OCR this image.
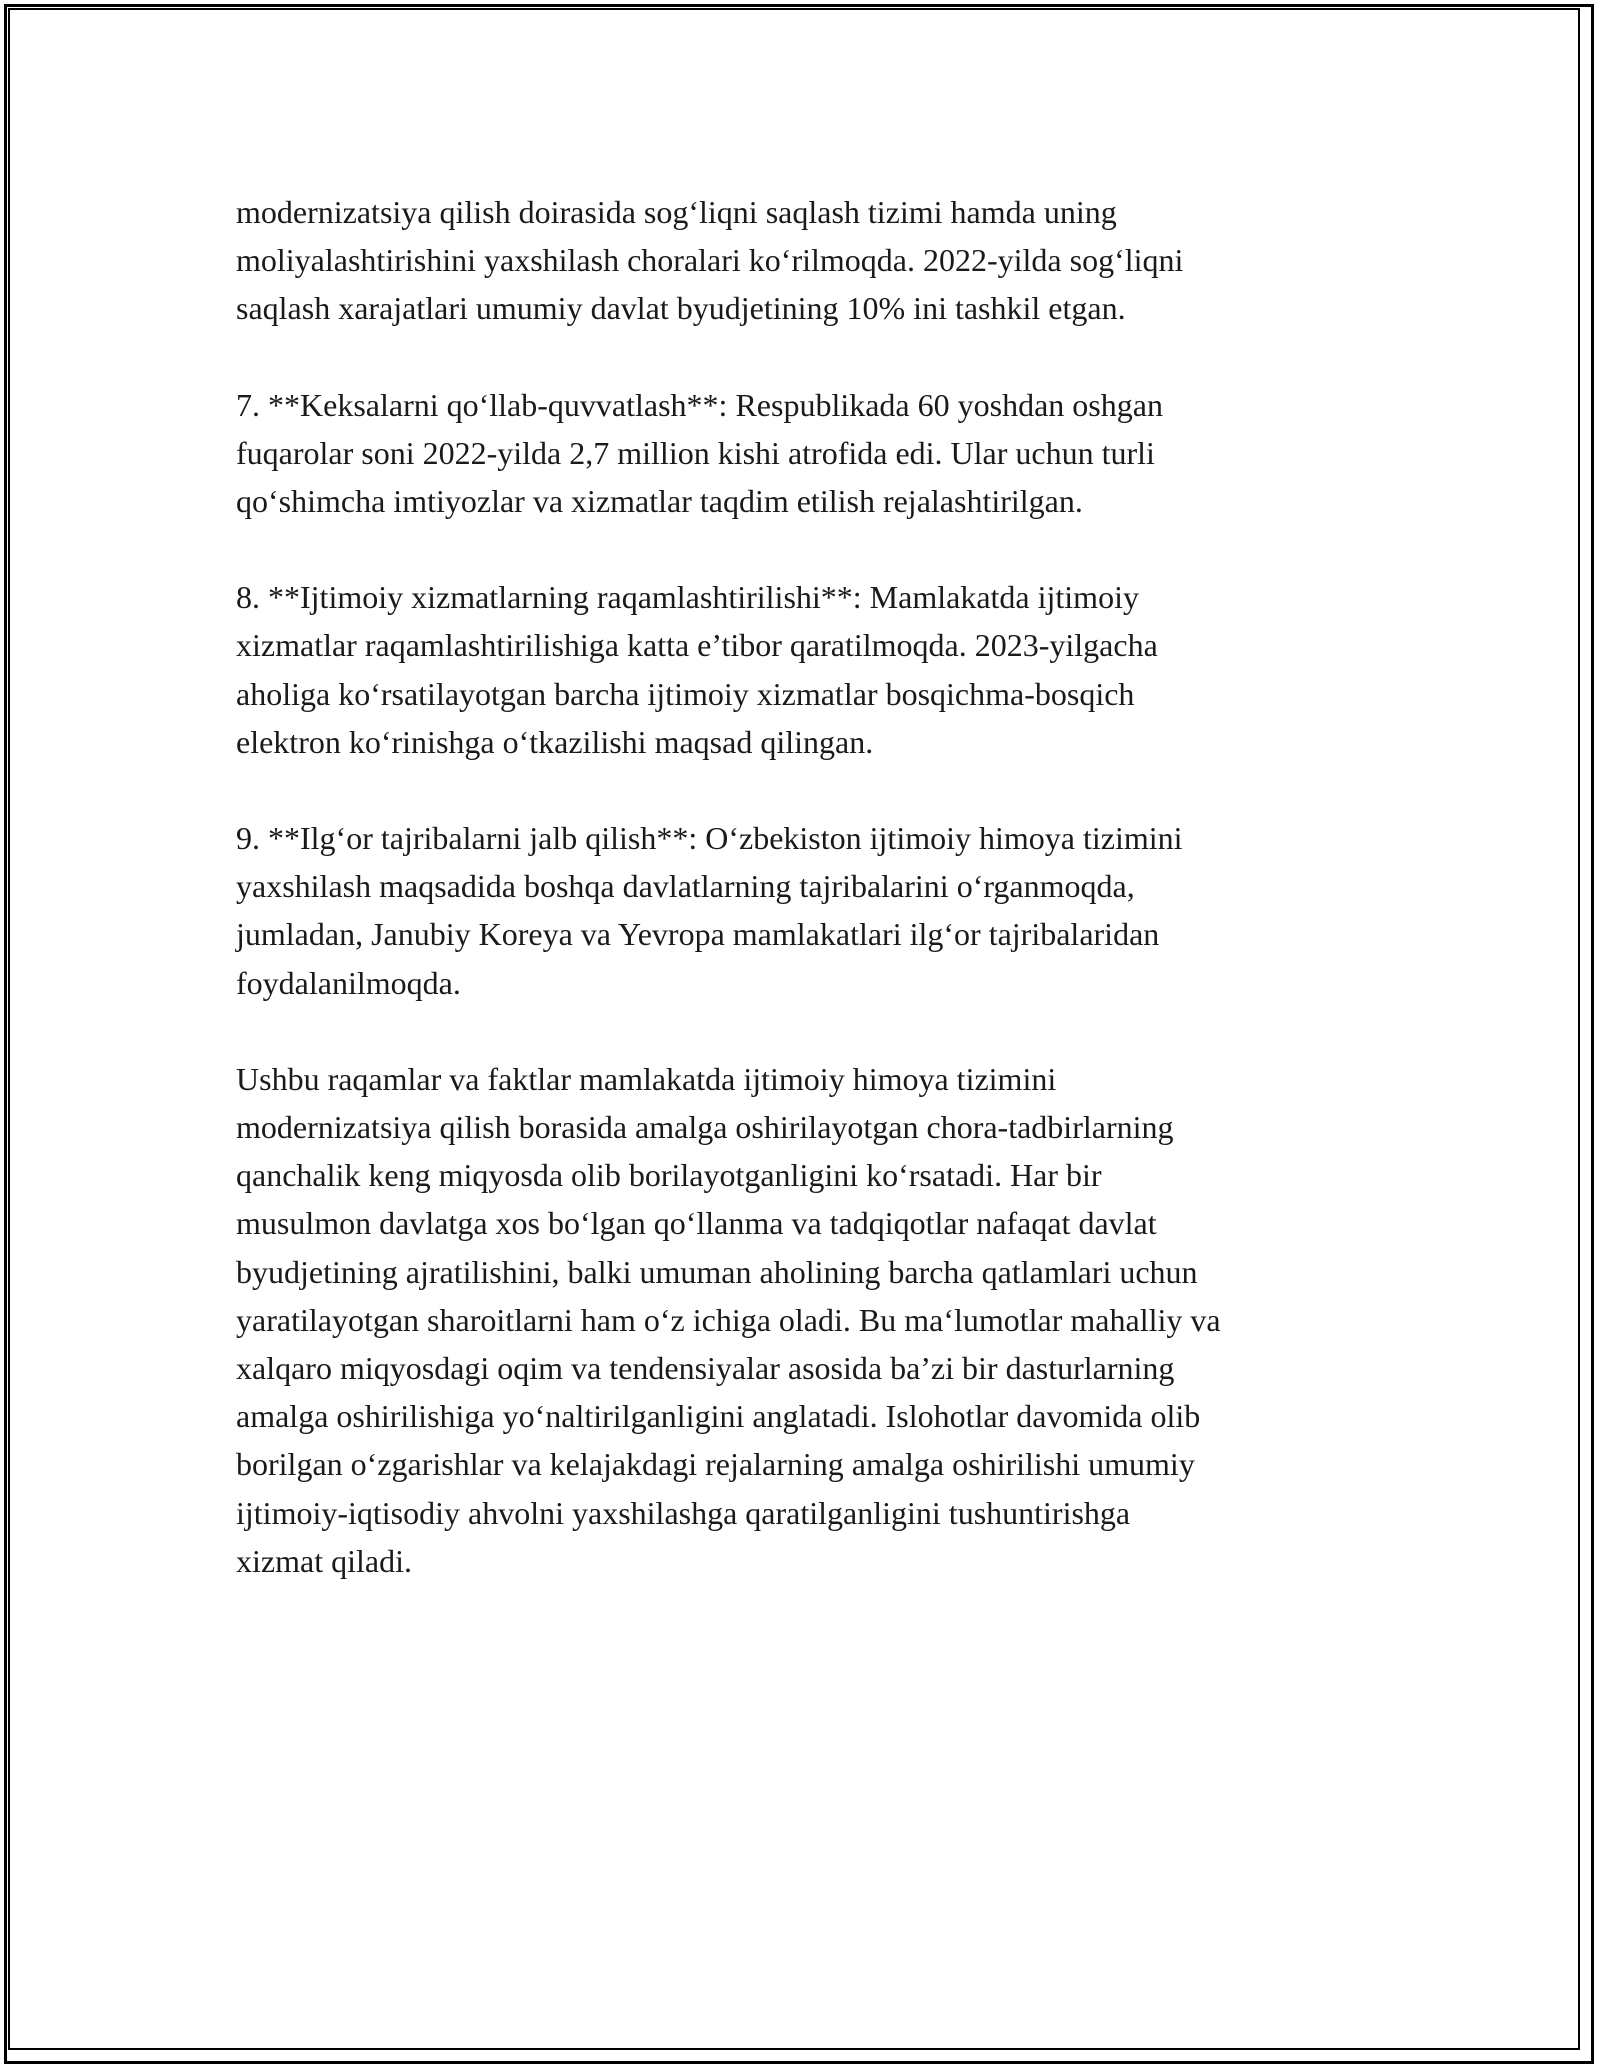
modernizatsiya qilish doirasida sog‘liqni saqlash tizimi hamda uning
moliyalashtirishini yaxshilash choralari ko‘rilmoqda. 2022-yilda sog‘liqni
saqlash xarajatlari umumiy davlat byudjetining 10% ini tashkil etgan.

7. **Keksalarni qo‘llab-quvvatlash**: Respublikada 60 yoshdan oshgan
fuqarolar soni 2022-yilda 2,7 million kishi atrofida edi. Ular uchun turli
qo‘shimcha imtiyozlar va xizmatlar taqdim etilish rejalashtirilgan.

8. **Ijtimoiy xizmatlarning raqamlashtirilishi**: Mamlakatda ijtimoiy
xizmatlar raqamlashtirilishiga katta e’tibor qaratilmoqda. 2023-yilgacha
aholiga ko‘rsatilayotgan barcha ijtimoiy xizmatlar bosqichma-bosqich
elektron ko‘rinishga o‘tkazilishi maqsad qilingan.

9. **Ilg‘or tajribalarni jalb qilish**: O‘zbekiston ijtimoiy himoya tizimini
yaxshilash maqsadida boshqa davlatlarning tajribalarini o‘rganmoqda,
jumladan, Janubiy Koreya va Yevropa mamlakatlari ilg‘or tajribalaridan
foydalanilmoqda.

Ushbu raqamlar va faktlar mamlakatda ijtimoiy himoya tizimini
modernizatsiya qilish borasida amalga oshirilayotgan chora-tadbirlarning
qanchalik keng miqyosda olib borilayotganligini ko‘rsatadi. Har bir
musulmon davlatga xos bo‘lgan qo‘llanma va tadqiqotlar nafaqat davlat
byudjetining ajratilishini, balki umuman aholining barcha qatlamlari uchun
yaratilayotgan sharoitlarni ham o‘z ichiga oladi. Bu ma‘lumotlar mahalliy va
xalqaro miqyosdagi oqim va tendensiyalar asosida ba’zi bir dasturlarning
amalga oshirilishiga yo‘naltirilganligini anglatadi. Islohotlar davomida olib
borilgan o‘zgarishlar va kelajakdagi rejalarning amalga oshirilishi umumiy
ijtimoiy-iqtisodiy ahvolni yaxshilashga qaratilganligini tushuntirishga
xizmat qiladi.
